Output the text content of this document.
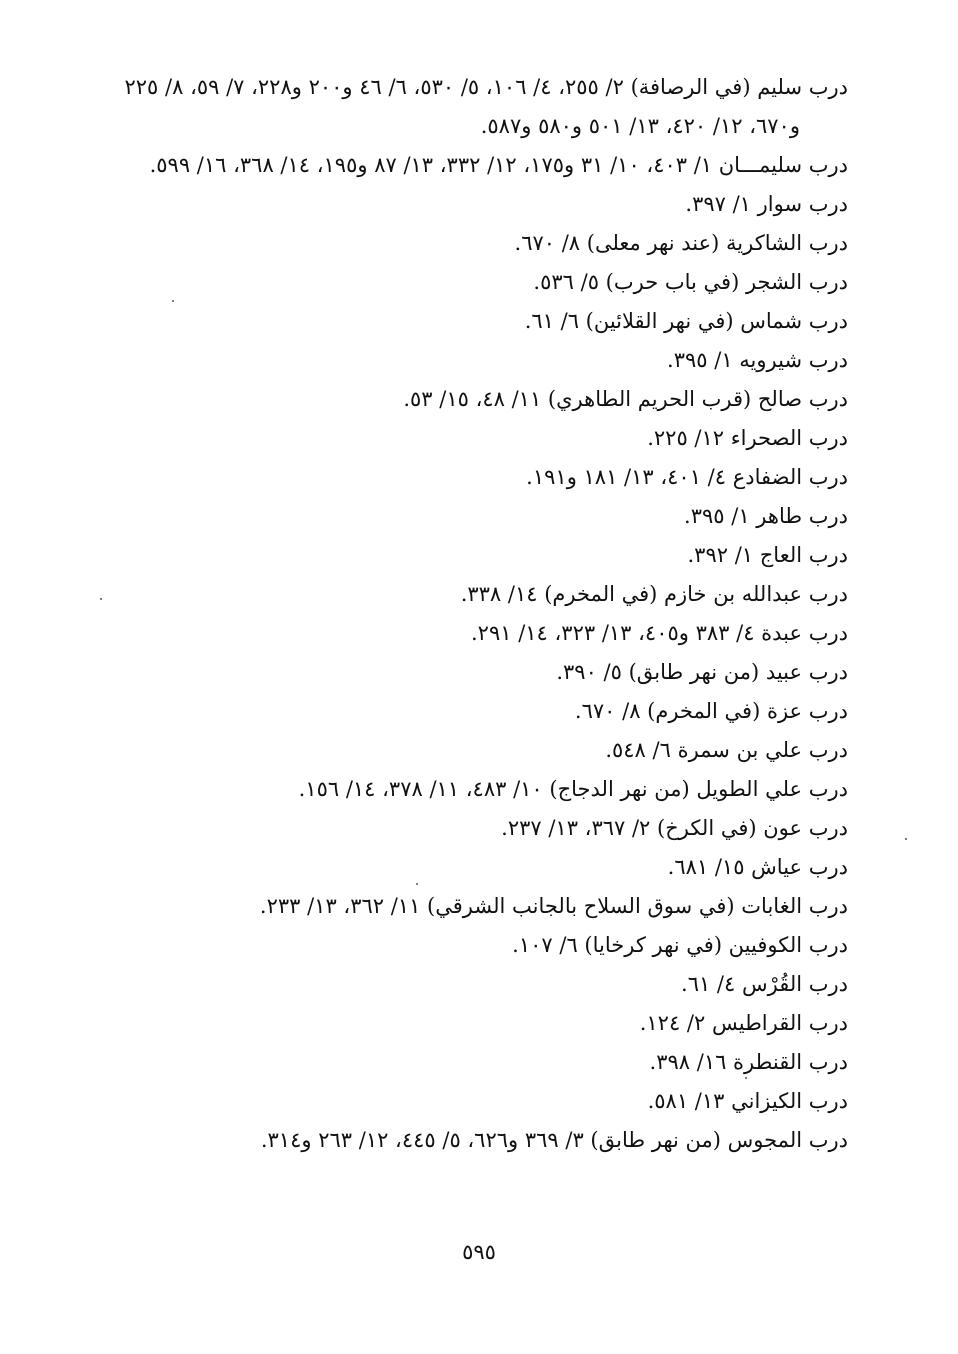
درب سليم (في الرصافة) ٢/ ٢٥٥، ٤/ ١٠٦، ٥/ ٥٣٠، ٦/ ٤٦ و٢٠٠ و٢٢٨، ٧/ ٥٩، ٨/ ٢٢٥ و٦٧٠، ١٢/ ٤٢٠، ١٣/ ٥٠١ و٥٨٠ و٥٨٧.

درب سليمـــان ١/ ٤٠٣، ١٠/ ٣١ و١٧٥، ١٢/ ٣٣٢، ١٣/ ٨٧ و١٩٥، ١٤/ ٣٦٨، ١٦/ ٥٩٩.

درب سوار ١/ ٣٩٧.

درب الشاكرية (عند نهر معلى) ٨/ ٦٧٠.

درب الشجر (في باب حرب) ٥/ ٥٣٦.

درب شماس (في نهر القلائين) ٦/ ٦١.

درب شيرويه ١/ ٣٩٥.

درب صالح (قرب الحريم الطاهري) ١١/ ٤٨، ١٥/ ٥٣.

درب الصحراء ١٢/ ٢٢٥.

درب الضفادع ٤/ ٤٠١، ١٣/ ١٨١ و١٩١.

درب طاهر ١/ ٣٩٥.

درب العاج ١/ ٣٩٢.

درب عبدالله بن خازم (في المخرم) ١٤/ ٣٣٨.

درب عبدة ٤/ ٣٨٣ و٤٠٥، ١٣/ ٣٢٣، ١٤/ ٢٩١.

درب عبيد (من نهر طابق) ٥/ ٣٩٠.

درب عزة (في المخرم) ٨/ ٦٧٠.

درب علي بن سمرة ٦/ ٥٤٨.

درب علي الطويل (من نهر الدجاج) ١٠/ ٤٨٣، ١١/ ٣٧٨، ١٤/ ١٥٦.

درب عون (في الكرخ) ٢/ ٣٦٧، ١٣/ ٢٣٧.

درب عياش ١٥/ ٦٨١.

درب الغابات (في سوق السلاح بالجانب الشرقي) ١١/ ٣٦٢، ١٣/ ٢٣٣.

درب الكوفيين (في نهر كرخايا) ٦/ ١٠٧.

درب القُرْس ٤/ ٦١.

درب القراطيس ٢/ ١٢٤.

درب القنطرة ١٦/ ٣٩٨.

درب الكيزاني ١٣/ ٥٨١.

درب المجوس (من نهر طابق) ٣/ ٣٦٩ و٦٢٦، ٥/ ٤٤٥، ١٢/ ٢٦٣ و٣١٤.

٥٩٥
